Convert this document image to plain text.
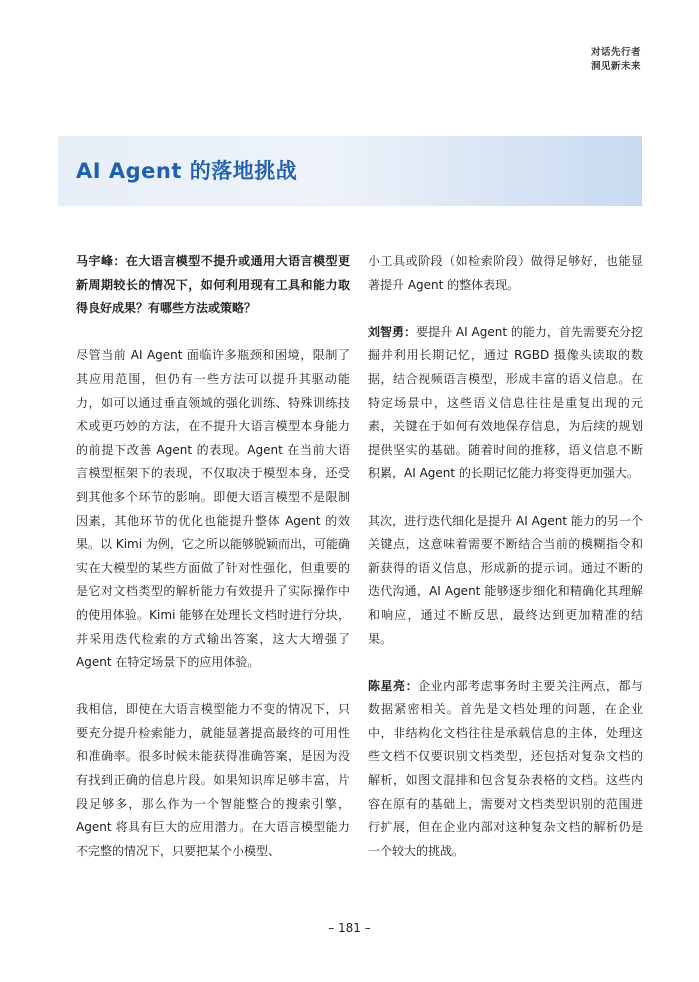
对话先行者
洞见新未来
AI Agent 的落地挑战

马宇峰：在大语言模型不提升或通用大语言模型更新周期较长的情况下，如何利用现有工具和能力取得良好成果？有哪些方法或策略？

尽管当前 AI Agent 面临许多瓶颈和困境，限制了其应用范围，但仍有一些方法可以提升其驱动能力，如可以通过垂直领域的强化训练、特殊训练技术或更巧妙的方法，在不提升大语言模型本身能力的前提下改善 Agent 的表现。Agent 在当前大语言模型框架下的表现，不仅取决于模型本身，还受到其他多个环节的影响。即便大语言模型不是限制因素，其他环节的优化也能提升整体 Agent 的效果。以 Kimi 为例，它之所以能够脱颖而出，可能确实在大模型的某些方面做了针对性强化，但重要的是它对文档类型的解析能力有效提升了实际操作中的使用体验。Kimi 能够在处理长文档时进行分块，并采用迭代检索的方式输出答案，这大大增强了 Agent 在特定场景下的应用体验。

我相信，即使在大语言模型能力不变的情况下，只要充分提升检索能力，就能显著提高最终的可用性和准确率。很多时候未能获得准确答案，是因为没有找到正确的信息片段。如果知识库足够丰富，片段足够多，那么作为一个智能整合的搜索引擎，Agent 将具有巨大的应用潜力。在大语言模型能力不完整的情况下，只要把某个小模型、

小工具或阶段（如检索阶段）做得足够好，也能显著提升 Agent 的整体表现。

刘智勇：要提升 AI Agent 的能力，首先需要充分挖掘并利用长期记忆，通过 RGBD 摄像头读取的数据，结合视频语言模型，形成丰富的语义信息。在特定场景中，这些语义信息往往是重复出现的元素，关键在于如何有效地保存信息，为后续的规划提供坚实的基础。随着时间的推移，语义信息不断积累，AI Agent 的长期记忆能力将变得更加强大。

其次，进行迭代细化是提升 AI Agent 能力的另一个关键点，这意味着需要不断结合当前的模糊指令和新获得的语义信息，形成新的提示词。通过不断的迭代沟通，AI Agent 能够逐步细化和精确化其理解和响应，通过不断反思，最终达到更加精准的结果。

陈星亮：企业内部考虑事务时主要关注两点，都与数据紧密相关。首先是文档处理的问题，在企业中，非结构化文档往往是承载信息的主体，处理这些文档不仅要识别文档类型，还包括对复杂文档的解析，如图文混排和包含复杂表格的文档。这些内容在原有的基础上，需要对文档类型识别的范围进行扩展，但在企业内部对这种复杂文档的解析仍是一个较大的挑战。

– 181 –
